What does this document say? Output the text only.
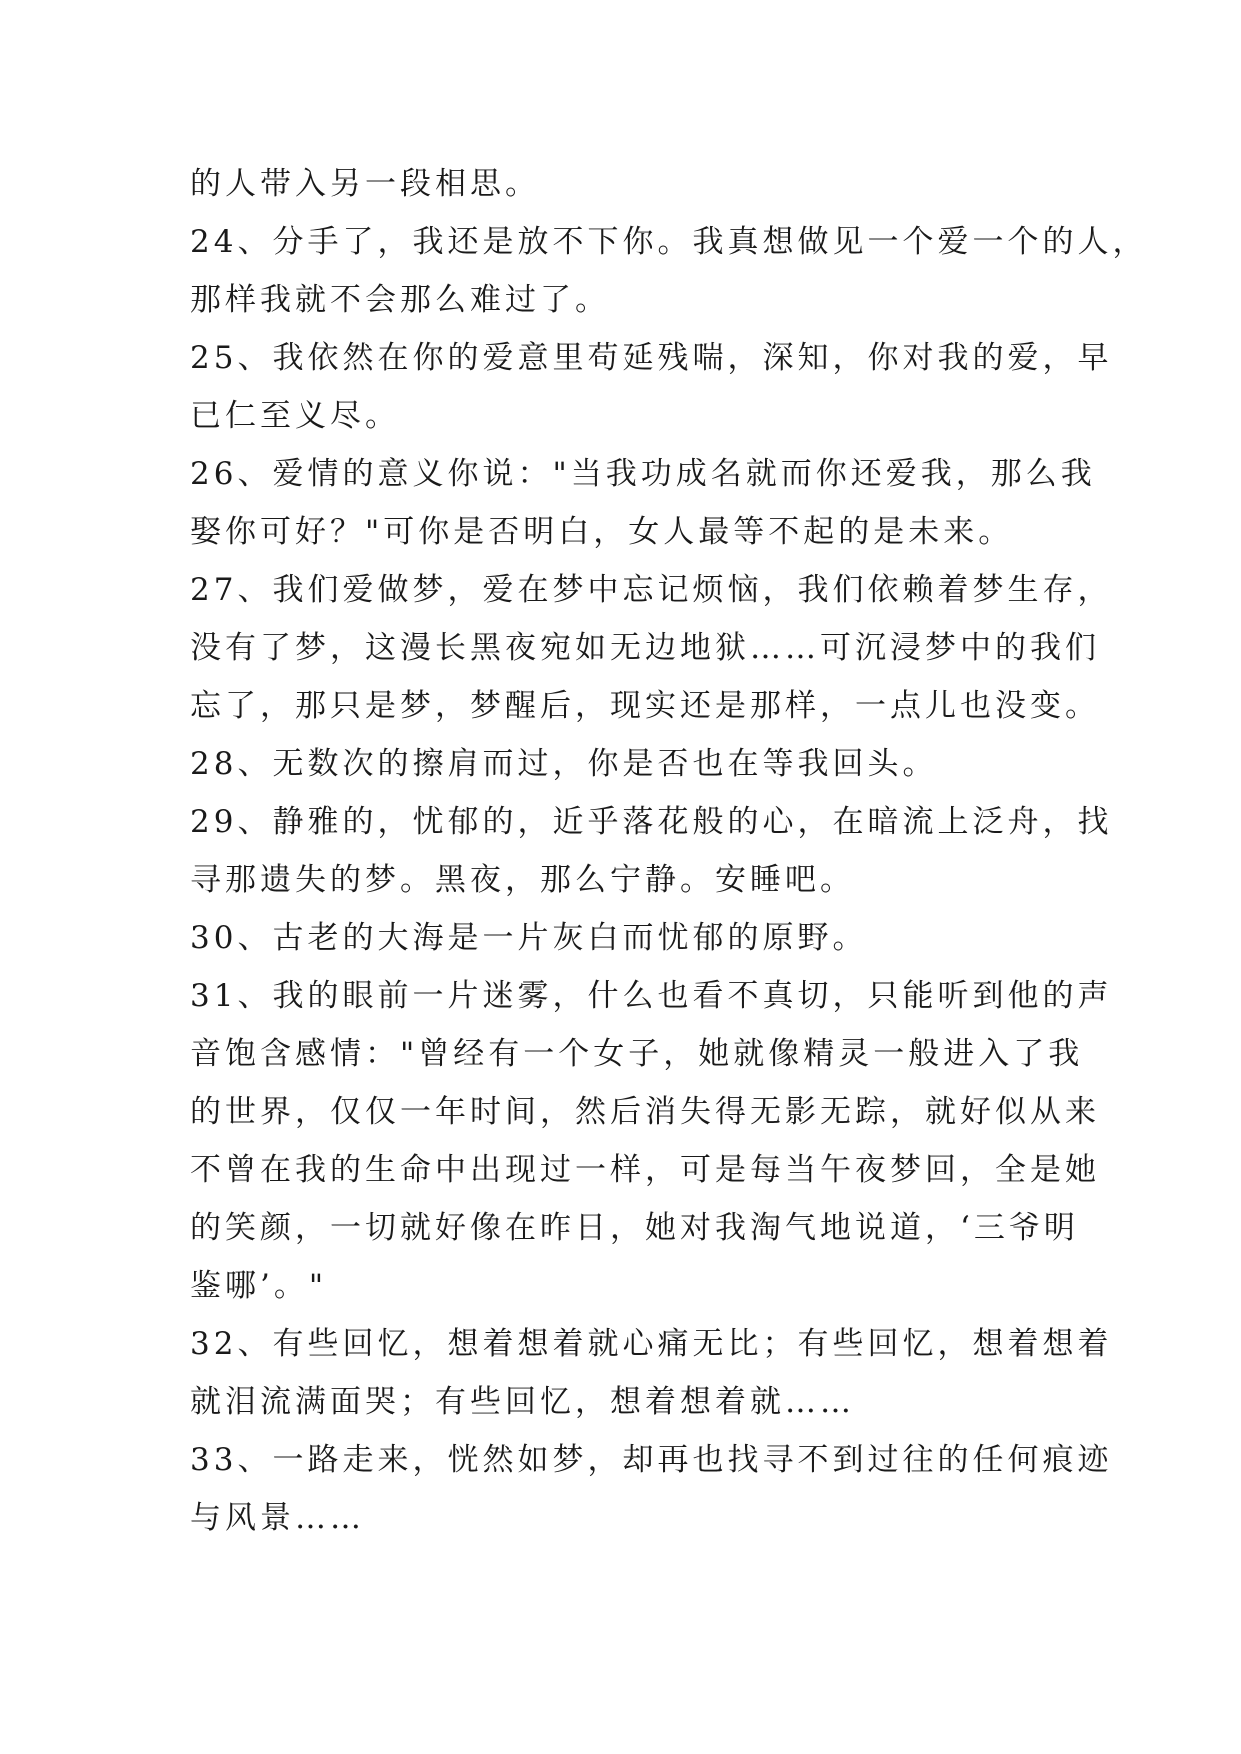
的人带入另一段相思。
24、分手了，我还是放不下你。我真想做见一个爱一个的人，
那样我就不会那么难过了。
25、我依然在你的爱意里苟延残喘，深知，你对我的爱，早
已仁至义尽。
26、爱情的意义你说："当我功成名就而你还爱我，那么我
娶你可好？"可你是否明白，女人最等不起的是未来。
27、我们爱做梦，爱在梦中忘记烦恼，我们依赖着梦生存，
没有了梦，这漫长黑夜宛如无边地狱……可沉浸梦中的我们
忘了，那只是梦，梦醒后，现实还是那样，一点儿也没变。
28、无数次的擦肩而过，你是否也在等我回头。
29、静雅的，忧郁的，近乎落花般的心，在暗流上泛舟，找
寻那遗失的梦。黑夜，那么宁静。安睡吧。
30、古老的大海是一片灰白而忧郁的原野。
31、我的眼前一片迷雾，什么也看不真切，只能听到他的声
音饱含感情："曾经有一个女子，她就像精灵一般进入了我
的世界，仅仅一年时间，然后消失得无影无踪，就好似从来
不曾在我的生命中出现过一样，可是每当午夜梦回，全是她
的笑颜，一切就好像在昨日，她对我淘气地说道，‘三爷明
鉴哪’。"
32、有些回忆，想着想着就心痛无比；有些回忆，想着想着
就泪流满面哭；有些回忆，想着想着就……
33、一路走来，恍然如梦，却再也找寻不到过往的任何痕迹
与风景……
